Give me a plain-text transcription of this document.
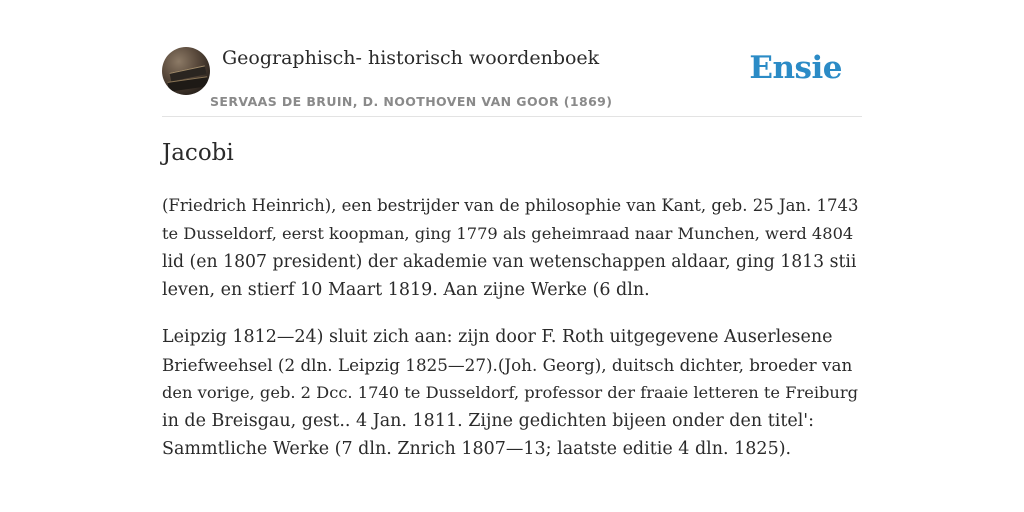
Geographisch- historisch woordenboek
SERVAAS DE BRUIN, D. NOOTHOVEN VAN GOOR (1869)
Ensie
Jacobi

(Friedrich Heinrich), een bestrijder van de philosophie van Kant, geb. 25 Jan. 1743
te Dusseldorf, eerst koopman, ging 1779 als geheimraad naar Munchen, werd 4804
lid (en 1807 president) der akademie van wetenschappen aldaar, ging 1813 stii
leven, en stierf 10 Maart 1819. Aan zijne Werke (6 dln.

Leipzig 1812—24) sluit zich aan: zijn door F. Roth uitgegevene Auserlesene
Briefweehsel (2 dln. Leipzig 1825—27).(Joh. Georg), duitsch dichter, broeder van
den vorige, geb. 2 Dcc. 1740 te Dusseldorf, professor der fraaie letteren te Freiburg
in de Breisgau, gest.. 4 Jan. 1811. Zijne gedichten bijeen onder den titel':
Sammtliche Werke (7 dln. Znrich 1807—13; laatste editie 4 dln. 1825).
